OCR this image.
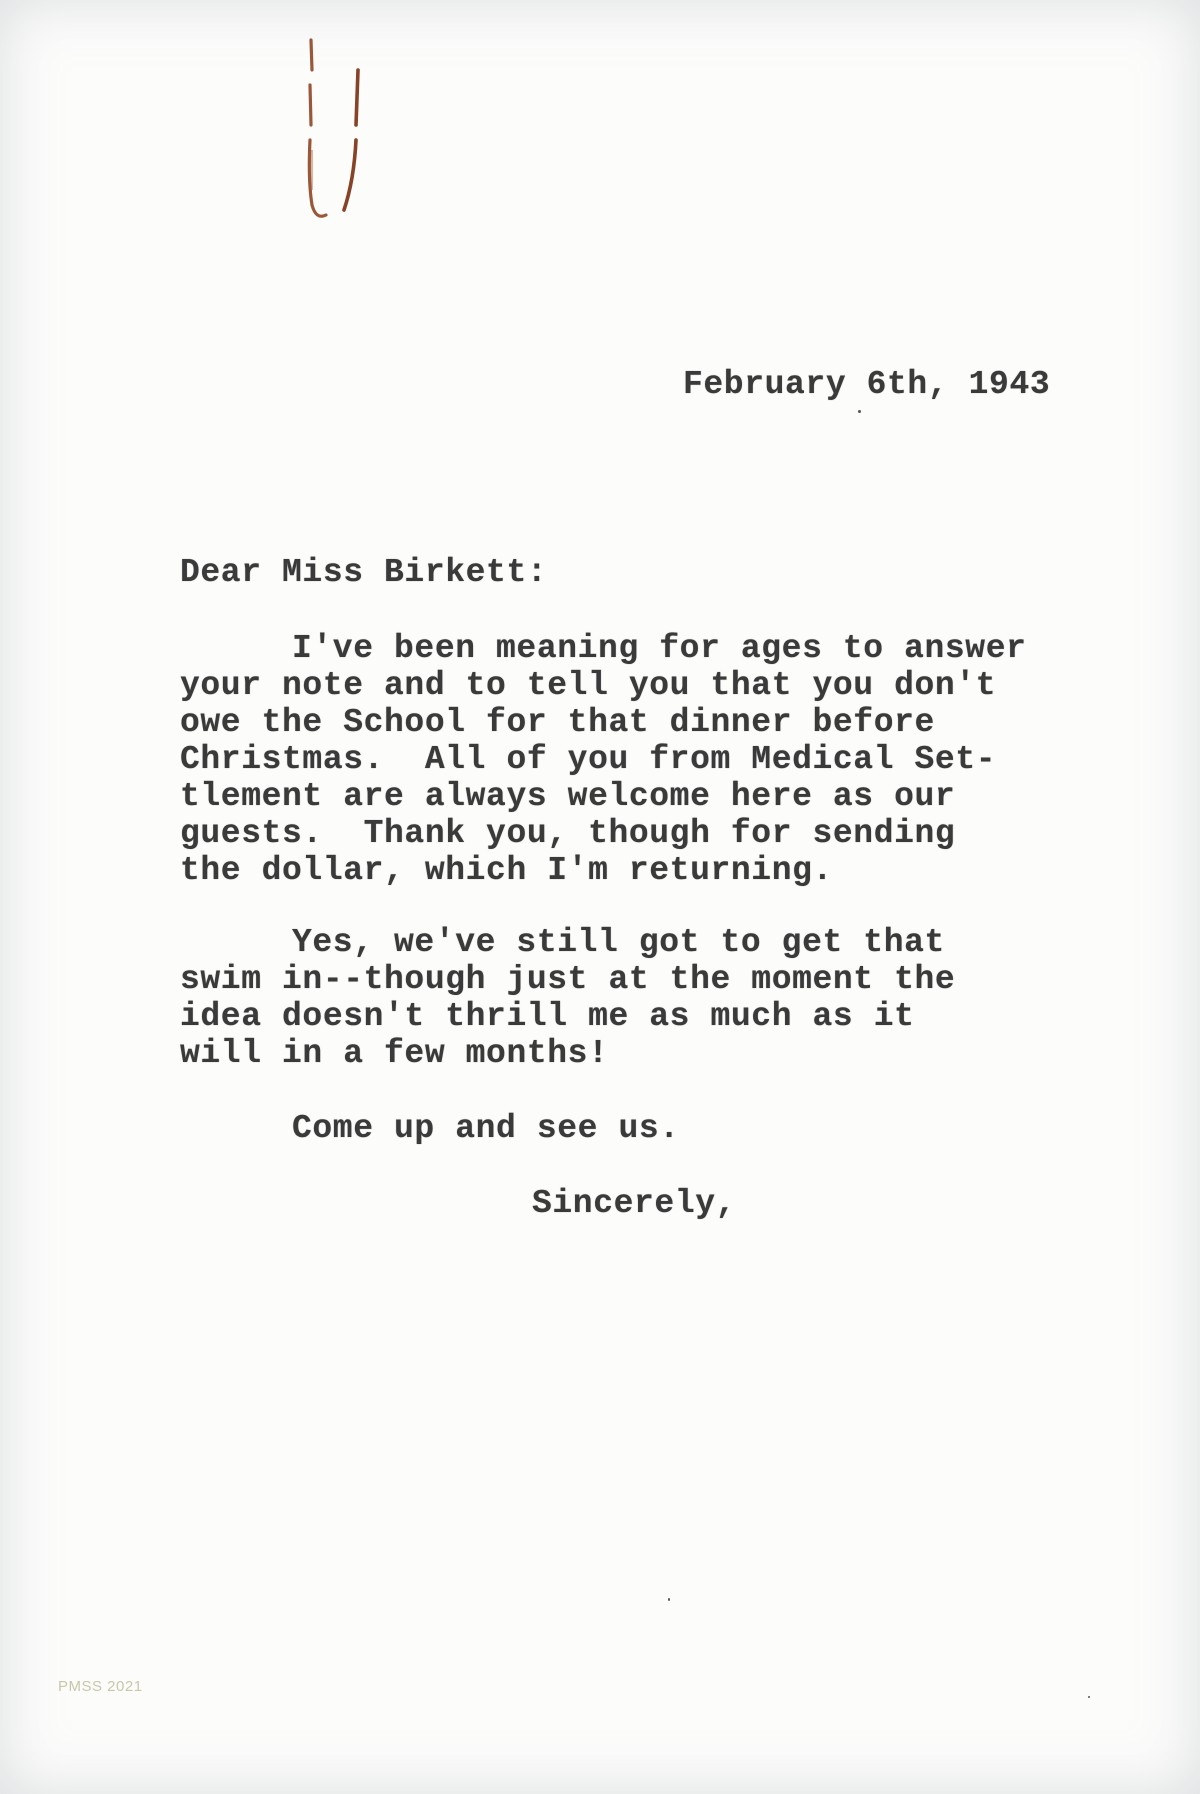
February 6th, 1943
Dear Miss Birkett:
I've been meaning for ages to answer
your note and to tell you that you don't
owe the School for that dinner before
Christmas.  All of you from Medical Set-
tlement are always welcome here as our
guests.  Thank you, though for sending
the dollar, which I'm returning.
Yes, we've still got to get that
swim in--though just at the moment the
idea doesn't thrill me as much as it
will in a few months!
Come up and see us.
Sincerely,
PMSS 2021
